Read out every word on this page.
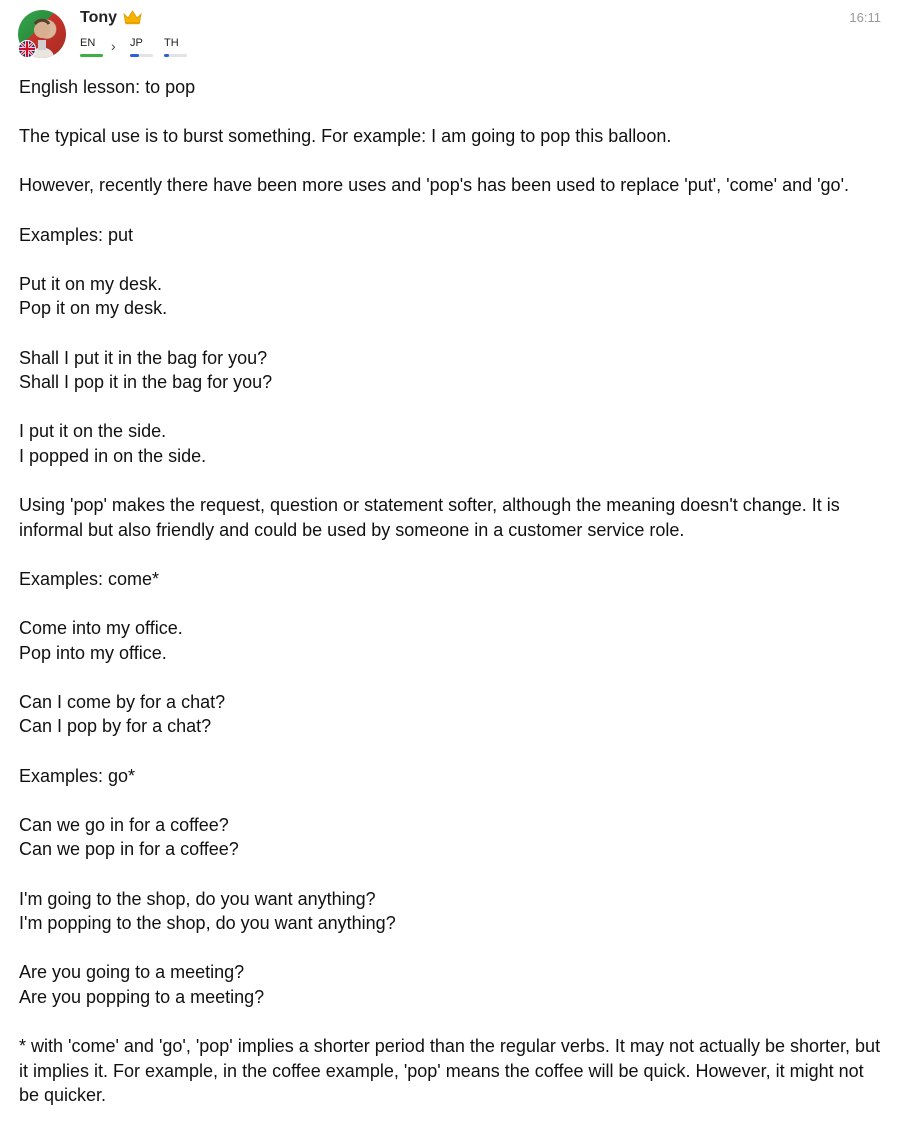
Tony
EN › JP TH
16:11

English lesson: to pop

The typical use is to burst something. For example: I am going to pop this balloon.

However, recently there have been more uses and 'pop's has been used to replace 'put', 'come' and 'go'.

Examples: put

Put it on my desk.
Pop it on my desk.

Shall I put it in the bag for you?
Shall I pop it in the bag for you?

I put it on the side.
I popped in on the side.

Using 'pop' makes the request, question or statement softer, although the meaning doesn't change. It is informal but also friendly and could be used by someone in a customer service role.

Examples: come*

Come into my office.
Pop into my office.

Can I come by for a chat?
Can I pop by for a chat?

Examples: go*

Can we go in for a coffee?
Can we pop in for a coffee?

I'm going to the shop, do you want anything?
I'm popping to the shop, do you want anything?

Are you going to a meeting?
Are you popping to a meeting?

* with 'come' and 'go', 'pop' implies a shorter period than the regular verbs. It may not actually be shorter, but it implies it. For example, in the coffee example, 'pop' means the coffee will be quick. However, it might not be quicker.
